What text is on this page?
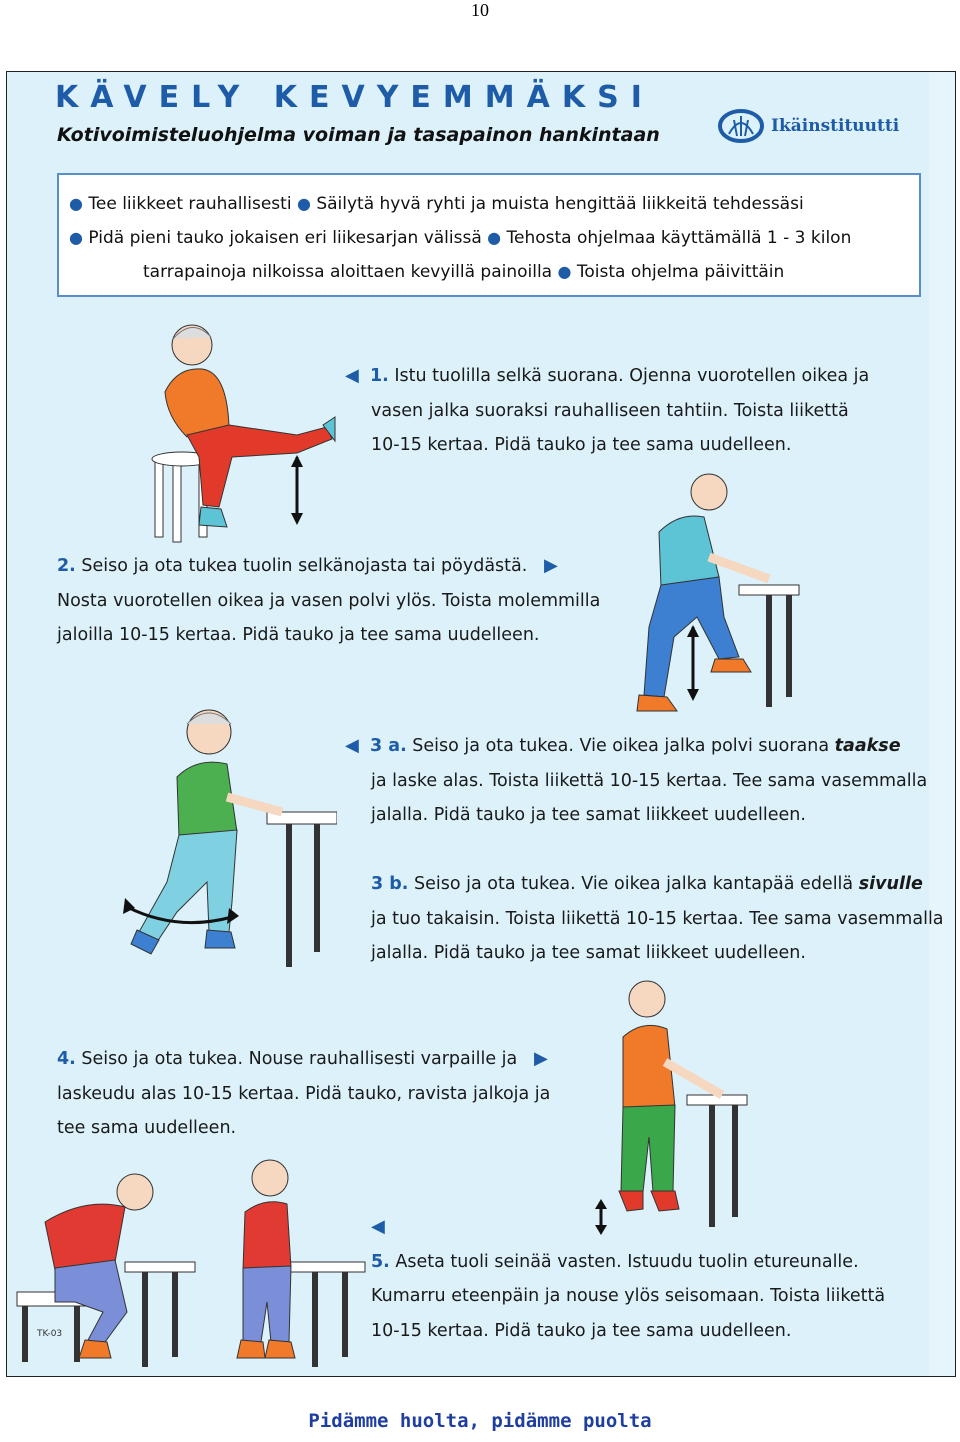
10
KÄVELY KEVYEMMÄKSI
Kotivoimisteluohjelma voiman ja tasapainon hankintaan	Ikäinstituutti
● Tee liikkeet rauhallisesti ● Säilytä hyvä ryhti ja muista hengittää liikkeitä tehdessäsi
● Pidä pieni tauko jokaisen eri liikesarjan välissä ● Tehosta ohjelmaa käyttämällä 1 - 3 kilon
tarrapainoja nilkoissa aloittaen kevyillä painoilla ● Toista ohjelma päivittäin
◀ 1. Istu tuolilla selkä suorana. Ojenna vuorotellen oikea ja
vasen jalka suoraksi rauhalliseen tahtiin. Toista liikettä
10-15 kertaa. Pidä tauko ja tee sama uudelleen.
2. Seiso ja ota tukea tuolin selkänojasta tai pöydästä. ▶
Nosta vuorotellen oikea ja vasen polvi ylös. Toista molemmilla
jaloilla 10-15 kertaa. Pidä tauko ja tee sama uudelleen.
◀ 3 a. Seiso ja ota tukea. Vie oikea jalka polvi suorana taakse
ja laske alas. Toista liikettä 10-15 kertaa. Tee sama vasemmalla
jalalla. Pidä tauko ja tee samat liikkeet uudelleen.
3 b. Seiso ja ota tukea. Vie oikea jalka kantapää edellä sivulle
ja tuo takaisin. Toista liikettä 10-15 kertaa. Tee sama vasemmalla
jalalla. Pidä tauko ja tee samat liikkeet uudelleen.
4. Seiso ja ota tukea. Nouse rauhallisesti varpaille ja ▶
laskeudu alas 10-15 kertaa. Pidä tauko, ravista jalkoja ja
tee sama uudelleen.
TK-03
◀
5. Aseta tuoli seinää vasten. Istuudu tuolin etureunalle.
Kumarru eteenpäin ja nouse ylös seisomaan. Toista liikettä
10-15 kertaa. Pidä tauko ja tee sama uudelleen.
Pidämme huolta, pidämme puolta
